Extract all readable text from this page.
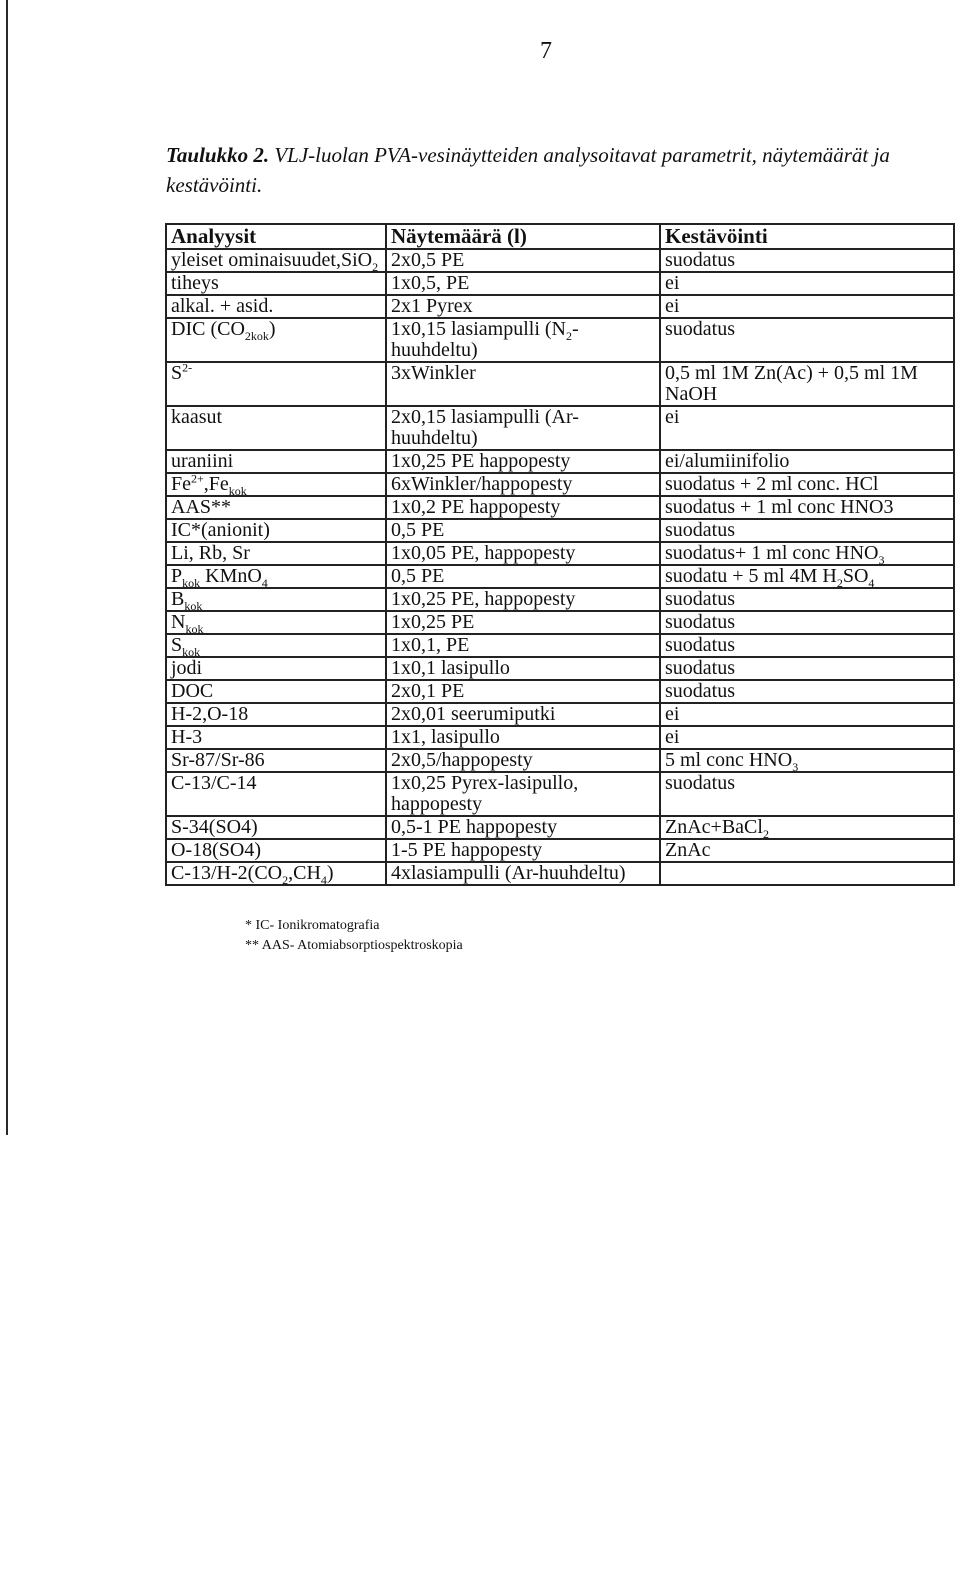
7
Taulukko 2. VLJ-luolan PVA-vesinäytteiden analysoitavat parametrit, näytemäärät ja kestävöinti.
Analyysit	Näytemäärä (l)	Kestävöinti
yleiset ominaisuudet,SiO$_2$	2x0,5 PE	suodatus
tiheys	1x0,5, PE	ei
alkal. + asid.	2x1 Pyrex	ei
DIC $(CO_{2kok})$	1x0,15 lasiampulli $(N_2-huuhdeltu)$	suodatus
$S^{2-}$	3xWinkler	0,5 ml 1M Zn(Ac) + 0,5 ml 1M NaOH
kaasut	2x0,15 lasiampulli (Ar-huuhdeltu)	ei
uraniini	1x0,25 PE happopesty	ei/alumiinifolio
$Fe^{2+},Fe_{kok}$	6xWinkler/happopesty	suodatus + 2 ml conc. HCl
AAS**	1x0,2 PE happopesty	suodatus + 1 ml conc HNO3
IC*(anionit)	0,5 PE	suodatus
Li, Rb, Sr	1x0,05 PE, happopesty	suodatus+ 1 ml conc $HNO_3$
$P_{kok}$ KMnO$_4$	0,5 PE	suodatu + 5 ml 4M $H_2SO_4$
$B_{kok}$	1x0,25 PE, happopesty	suodatus
$N_{kok}$	1x0,25 PE	suodatus
$S_{kok}$	1x0,1, PE	suodatus
jodi	1x0,1 lasipullo	suodatus
DOC	2x0,1 PE	suodatus
H-2,O-18	2x0,01 seerumiputki	ei
H-3	1x1, lasipullo	ei
Sr-87/Sr-86	2x0,5/happopesty	5 ml conc $HNO_3$
C-13/C-14	1x0,25 Pyrex-lasipullo, happopesty	suodatus
S-34(SO4)	0,5-1 PE happopesty	ZnAc+BaCl$_2$
O-18(SO4)	1-5 PE happopesty	ZnAc
$C-13/H-2(CO_2,CH_4)$	4xlasiampulli (Ar-huuhdeltu)	
* IC- Ionikromatografia
** AAS- Atomiabsorptiospektroskopia
